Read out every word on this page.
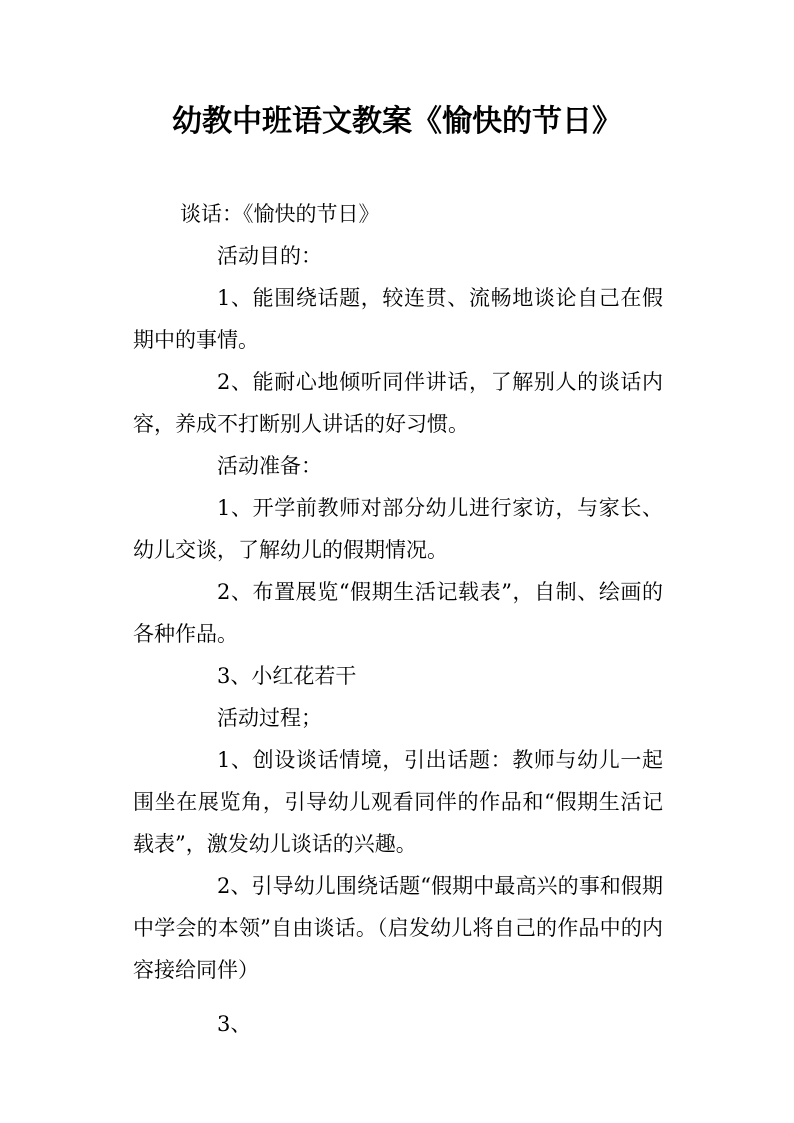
幼教中班语文教案《愉快的节日》

谈话：《愉快的节日》

活动目的：

1、能围绕话题，较连贯、流畅地谈论自己在假期中的事情。

2、能耐心地倾听同伴讲话，了解别人的谈话内容，养成不打断别人讲话的好习惯。

活动准备：

1、开学前教师对部分幼儿进行家访，与家长、幼儿交谈，了解幼儿的假期情况。

2、布置展览“假期生活记载表”，自制、绘画的各种作品。

3、小红花若干

活动过程；

1、创设谈话情境，引出话题：教师与幼儿一起围坐在展览角，引导幼儿观看同伴的作品和“假期生活记载表”，激发幼儿谈话的兴趣。

2、引导幼儿围绕话题“假期中最高兴的事和假期中学会的本领”自由谈话。（启发幼儿将自己的作品中的内容接给同伴）

3、
